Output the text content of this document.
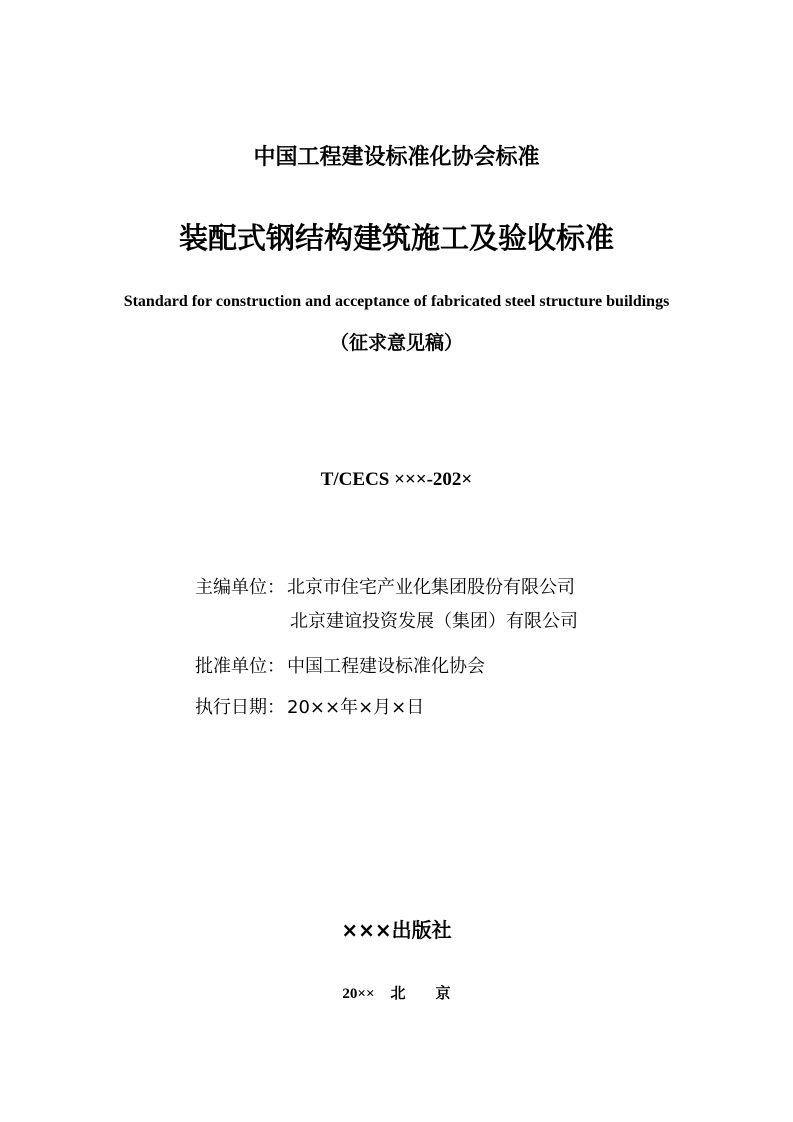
中国工程建设标准化协会标准
装配式钢结构建筑施工及验收标准
Standard for construction and acceptance of fabricated steel structure buildings
（征求意见稿）
T/CECS ×××-202×
主编单位： 北京市住宅产业化集团股份有限公司
北京建谊投资发展（集团）有限公司
批准单位： 中国工程建设标准化协会
执行日期： 20××年×月×日
×××出版社
20×× 北 京
